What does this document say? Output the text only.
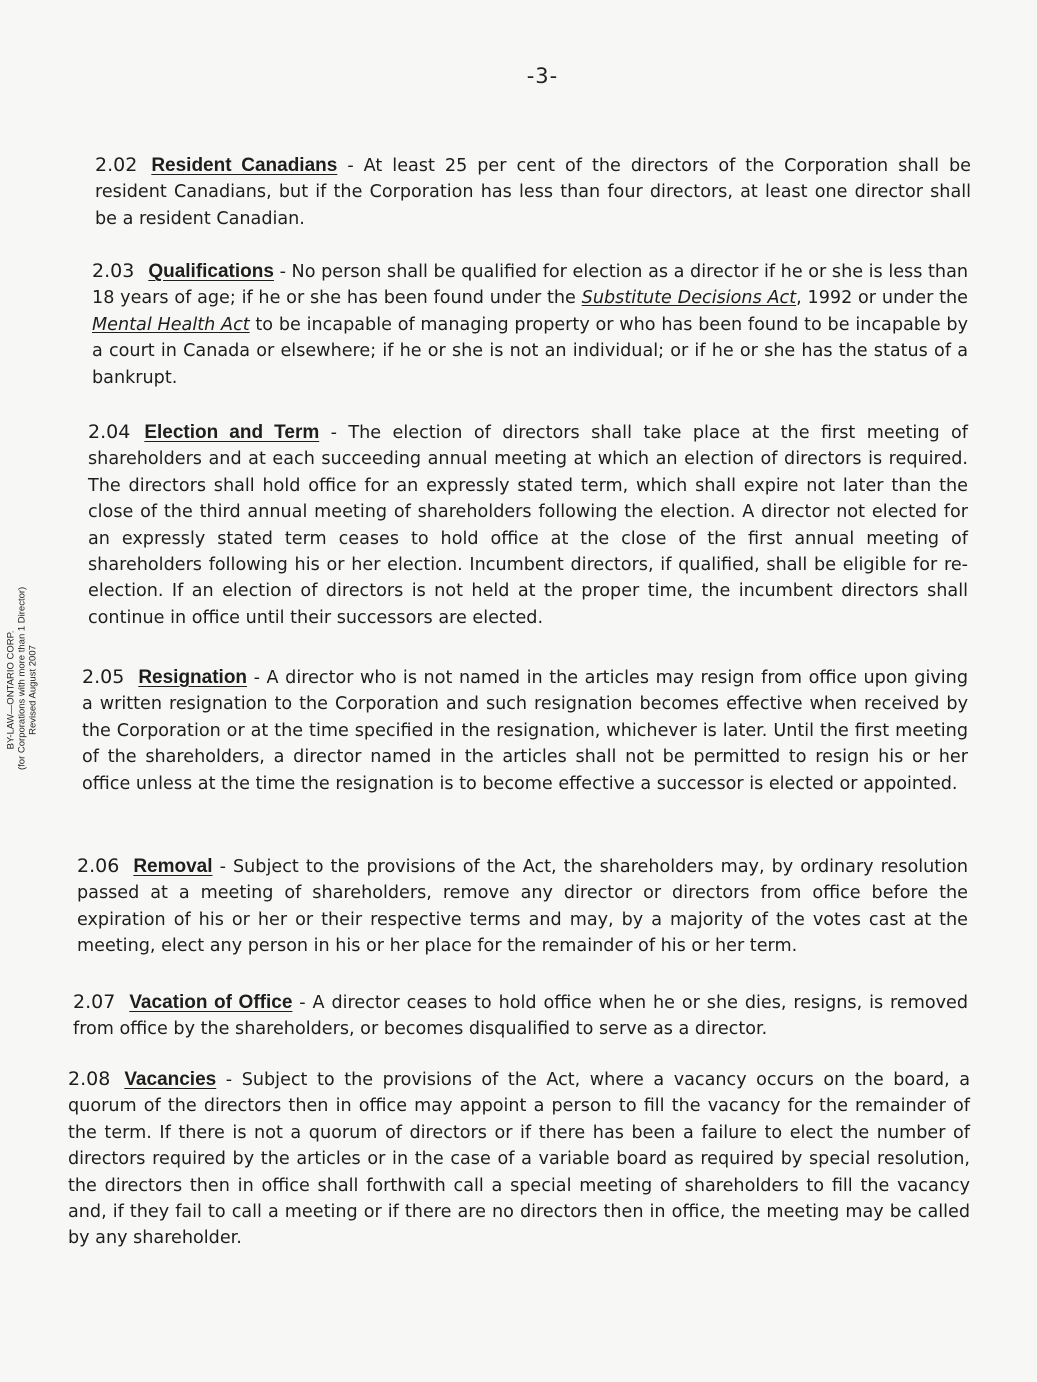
-3-
BY-LAW—ONTARIO CORP. (for Corporations with more than 1 Director) Revised August 2007
2.02 Resident Canadians - At least 25 per cent of the directors of the Corporation shall be resident Canadians, but if the Corporation has less than four directors, at least one director shall be a resident Canadian.
2.03 Qualifications - No person shall be qualified for election as a director if he or she is less than 18 years of age; if he or she has been found under the Substitute Decisions Act, 1992 or under the Mental Health Act to be incapable of managing property or who has been found to be incapable by a court in Canada or elsewhere; if he or she is not an individual; or if he or she has the status of a bankrupt.
2.04 Election and Term - The election of directors shall take place at the first meeting of shareholders and at each succeeding annual meeting at which an election of directors is required. The directors shall hold office for an expressly stated term, which shall expire not later than the close of the third annual meeting of shareholders following the election. A director not elected for an expressly stated term ceases to hold office at the close of the first annual meeting of shareholders following his or her election. Incumbent directors, if qualified, shall be eligible for re-election. If an election of directors is not held at the proper time, the incumbent directors shall continue in office until their successors are elected.
2.05 Resignation - A director who is not named in the articles may resign from office upon giving a written resignation to the Corporation and such resignation becomes effective when received by the Corporation or at the time specified in the resignation, whichever is later. Until the first meeting of the shareholders, a director named in the articles shall not be permitted to resign his or her office unless at the time the resignation is to become effective a successor is elected or appointed.
2.06 Removal - Subject to the provisions of the Act, the shareholders may, by ordinary resolution passed at a meeting of shareholders, remove any director or directors from office before the expiration of his or her or their respective terms and may, by a majority of the votes cast at the meeting, elect any person in his or her place for the remainder of his or her term.
2.07 Vacation of Office - A director ceases to hold office when he or she dies, resigns, is removed from office by the shareholders, or becomes disqualified to serve as a director.
2.08 Vacancies - Subject to the provisions of the Act, where a vacancy occurs on the board, a quorum of the directors then in office may appoint a person to fill the vacancy for the remainder of the term. If there is not a quorum of directors or if there has been a failure to elect the number of directors required by the articles or in the case of a variable board as required by special resolution, the directors then in office shall forthwith call a special meeting of shareholders to fill the vacancy and, if they fail to call a meeting or if there are no directors then in office, the meeting may be called by any shareholder.
